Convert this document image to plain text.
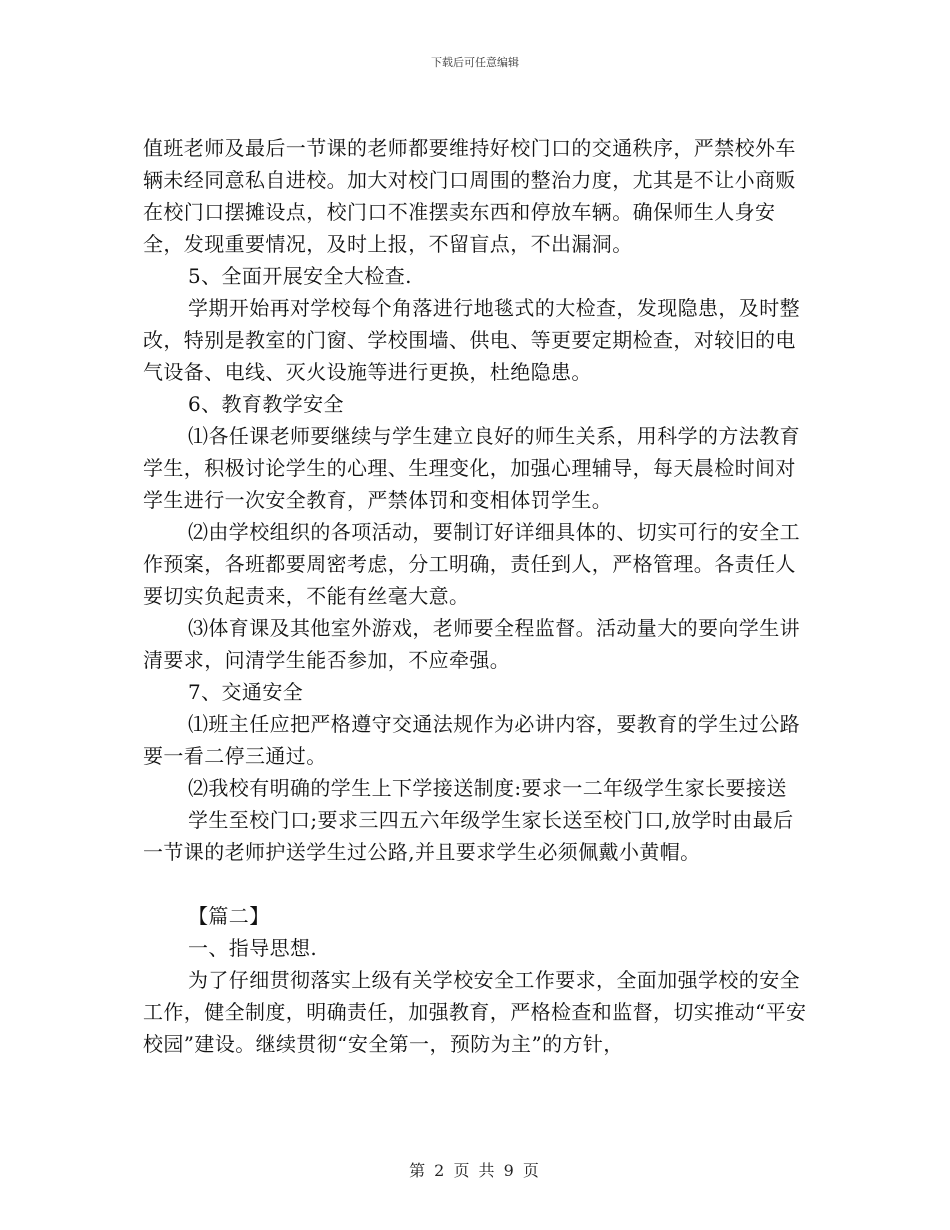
下载后可任意编辑

值班老师及最后一节课的老师都要维持好校门口的交通秩序，严禁校外车辆未经同意私自进校。加大对校门口周围的整治力度，尤其是不让小商贩在校门口摆摊设点，校门口不准摆卖东西和停放车辆。确保师生人身安全，发现重要情况，及时上报，不留盲点，不出漏洞。

5、全面开展安全大检查.

学期开始再对学校每个角落进行地毯式的大检查，发现隐患，及时整改，特别是教室的门窗、学校围墙、供电、等更要定期检查，对较旧的电气设备、电线、灭火设施等进行更换，杜绝隐患。

6、教育教学安全

⑴各任课老师要继续与学生建立良好的师生关系，用科学的方法教育学生，积极讨论学生的心理、生理变化，加强心理辅导，每天晨检时间对学生进行一次安全教育，严禁体罚和变相体罚学生。

⑵由学校组织的各项活动，要制订好详细具体的、切实可行的安全工作预案，各班都要周密考虑，分工明确，责任到人，严格管理。各责任人要切实负起责来，不能有丝毫大意。

⑶体育课及其他室外游戏，老师要全程监督。活动量大的要向学生讲清要求，问清学生能否参加，不应牵强。

7、交通安全

⑴班主任应把严格遵守交通法规作为必讲内容，要教育的学生过公路要一看二停三通过。

⑵我校有明确的学生上下学接送制度:要求一二年级学生家长要接送

学生至校门口;要求三四五六年级学生家长送至校门口,放学时由最后一节课的老师护送学生过公路,并且要求学生必须佩戴小黄帽。

【篇二】

一、指导思想.

为了仔细贯彻落实上级有关学校安全工作要求，全面加强学校的安全工作，健全制度，明确责任，加强教育，严格检查和监督，切实推动“平安校园”建设。继续贯彻“安全第一，预防为主”的方针，

第 2 页 共 9 页
